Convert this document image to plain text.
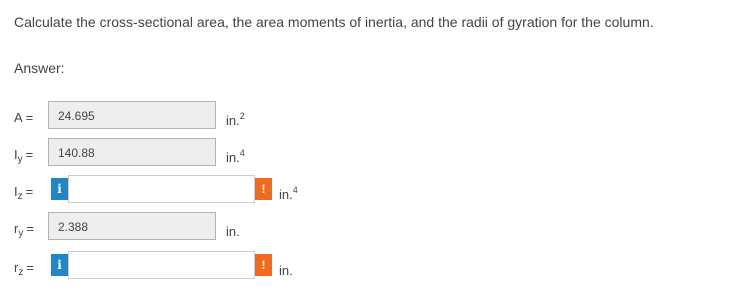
Calculate the cross-sectional area, the area moments of inertia, and the radii of gyration for the column.
Answer:
A =	24.695	in.$^2$
$I_y$ =	140.88	in.$^4$
$I_z$ =	i	!	in.$^4$
$r_y$ =	2.388	in.
$r_z$ =	i	!	in.
